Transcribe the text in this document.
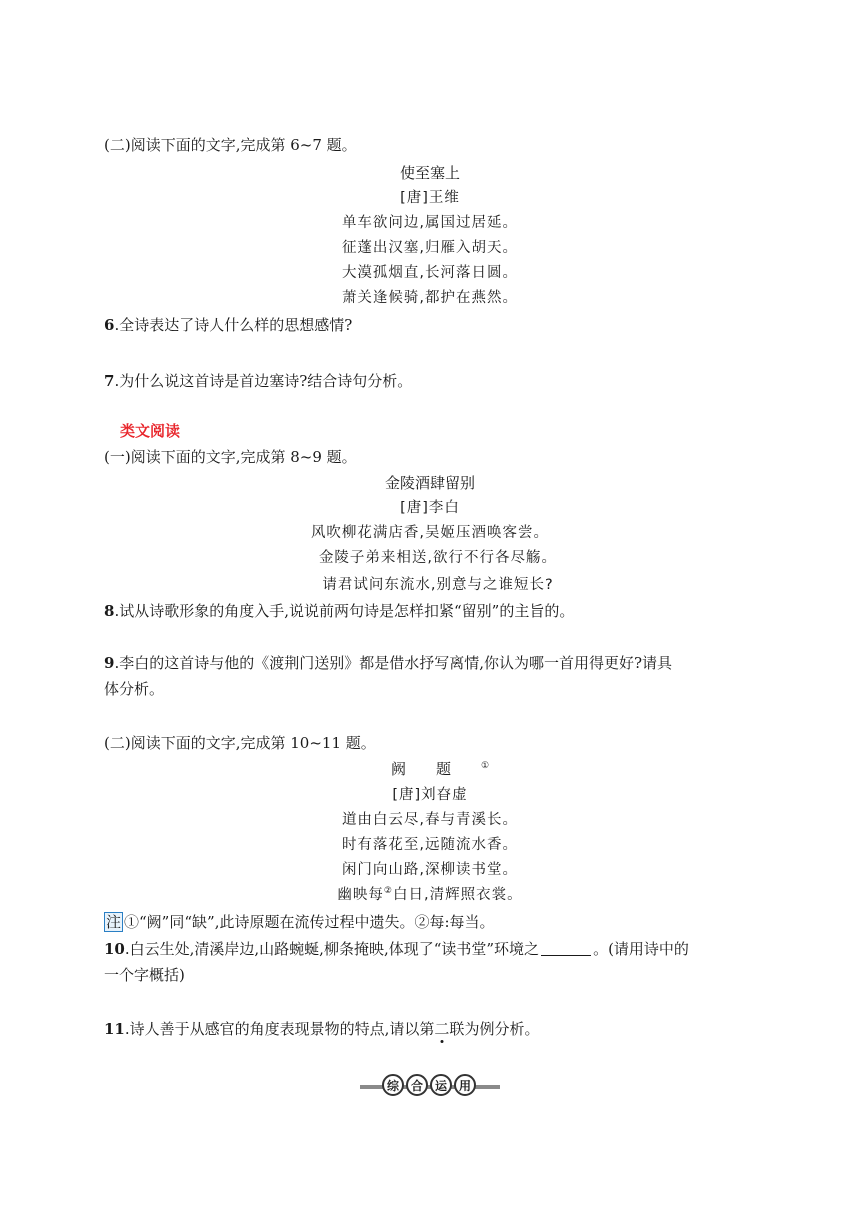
(二)阅读下面的文字,完成第 6~7 题。
使至塞上
[唐]王维
单车欲问边,属国过居延。
征蓬出汉塞,归雁入胡天。
大漠孤烟直,长河落日圆。
萧关逢候骑,都护在燕然。
6.全诗表达了诗人什么样的思想感情?
7.为什么说这首诗是首边塞诗?结合诗句分析。
类文阅读
(一)阅读下面的文字,完成第 8~9 题。
金陵酒肆留别
[唐]李白
风吹柳花满店香,吴姬压酒唤客尝。
金陵子弟来相送,欲行不行各尽觞。
请君试问东流水,别意与之谁短长?
8.试从诗歌形象的角度入手,说说前两句诗是怎样扣紧“留别”的主旨的。
9.李白的这首诗与他的《渡荆门送别》都是借水抒写离情,你认为哪一首用得更好?请具
体分析。
(二)阅读下面的文字,完成第 10~11 题。
阙题①
[唐]刘昚虚
道由白云尽,春与青溪长。
时有落花至,远随流水香。
闲门向山路,深柳读书堂。
幽映每②白日,清辉照衣裳。
注 ①“阙”同“缺”,此诗原题在流传过程中遗失。②每:每当。
10.白云生处,清溪岸边,山路蜿蜒,柳条掩映,体现了“读书堂”环境之	。(请用诗中的
一个字概括)
11.诗人善于从感官的角度表现景物的特点,请以第二联为例分析。
综 合 运 用
